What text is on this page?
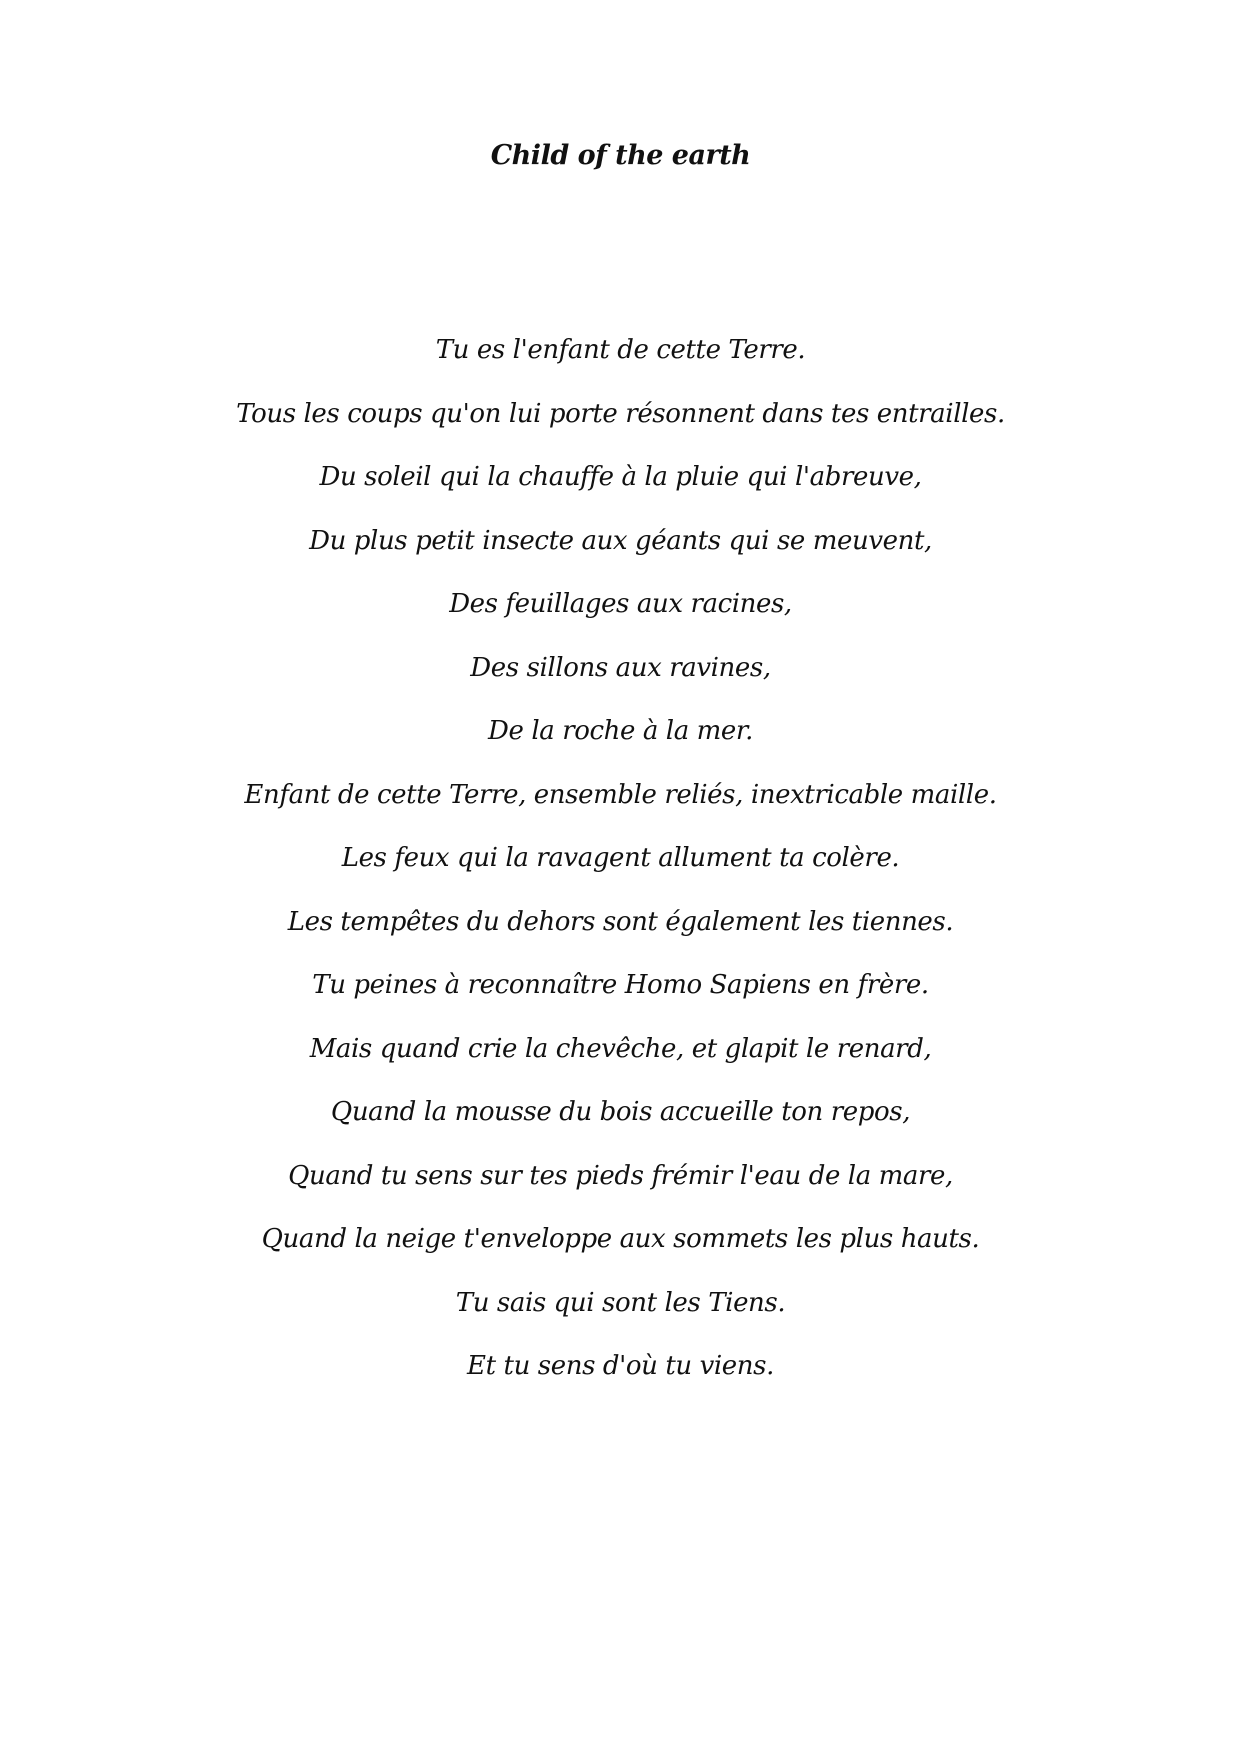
Child of the earth
Tu es l'enfant de cette Terre.
Tous les coups qu'on lui porte résonnent dans tes entrailles.
Du soleil qui la chauffe à la pluie qui l'abreuve,
Du plus petit insecte aux géants qui se meuvent,
Des feuillages aux racines,
Des sillons aux ravines,
De la roche à la mer.
Enfant de cette Terre, ensemble reliés, inextricable maille.
Les feux qui la ravagent allument ta colère.
Les tempêtes du dehors sont également les tiennes.
Tu peines à reconnaître Homo Sapiens en frère.
Mais quand crie la chevêche, et glapit le renard,
Quand la mousse du bois accueille ton repos,
Quand tu sens sur tes pieds frémir l'eau de la mare,
Quand la neige t'enveloppe aux sommets les plus hauts.
Tu sais qui sont les Tiens.
Et tu sens d'où tu viens.
